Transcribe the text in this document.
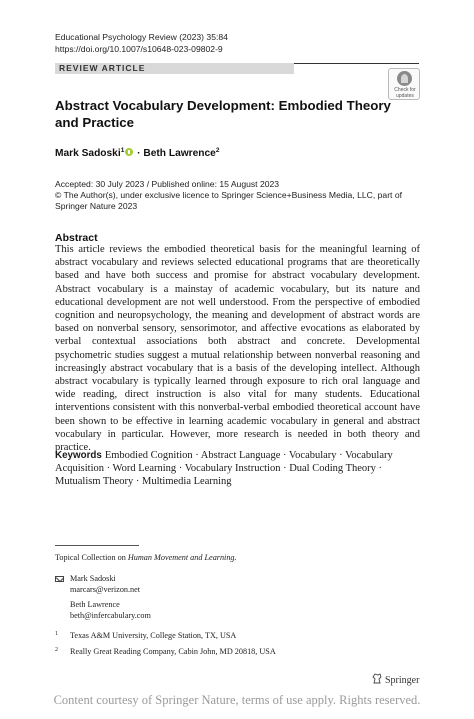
Educational Psychology Review (2023) 35:84
https://doi.org/10.1007/s10648-023-09802-9
REVIEW ARTICLE
Check for
updates
Abstract Vocabulary Development: Embodied Theory and Practice
Mark Sadoski$^1$ · Beth Lawrence$^2$
Accepted: 30 July 2023 / Published online: 15 August 2023
© The Author(s), under exclusive licence to Springer Science+Business Media, LLC, part of Springer Nature 2023
Abstract
This article reviews the embodied theoretical basis for the meaningful learning of abstract vocabulary and reviews selected educational programs that are theoretically based and have both success and promise for abstract vocabulary development. Abstract vocabulary is a mainstay of academic vocabulary, but its nature and educational development are not well understood. From the perspective of embodied cognition and neuropsychology, the meaning and development of abstract words are based on nonverbal sensory, sensorimotor, and affective evocations as elaborated by verbal contextual associations both abstract and concrete. Developmental psychometric studies suggest a mutual relationship between nonverbal reasoning and increasingly abstract vocabulary that is a basis of the developing intellect. Although abstract vocabulary is typically learned through exposure to rich oral language and wide reading, direct instruction is also vital for many students. Educational interventions consistent with this nonverbal-verbal embodied theoretical account have been shown to be effective in learning academic vocabulary in general and abstract vocabulary in particular. However, more research is needed in both theory and practice.
Keywords Embodied Cognition · Abstract Language · Vocabulary · Vocabulary Acquisition · Word Learning · Vocabulary Instruction · Dual Coding Theory · Mutualism Theory · Multimedia Learning
Topical Collection on Human Movement and Learning.
Mark Sadoski
marcars@verizon.net
Beth Lawrence
beth@infercabulary.com
1 Texas A&M University, College Station, TX, USA
2 Really Great Reading Company, Cabin John, MD 20818, USA
Springer
Content courtesy of Springer Nature, terms of use apply. Rights reserved.
